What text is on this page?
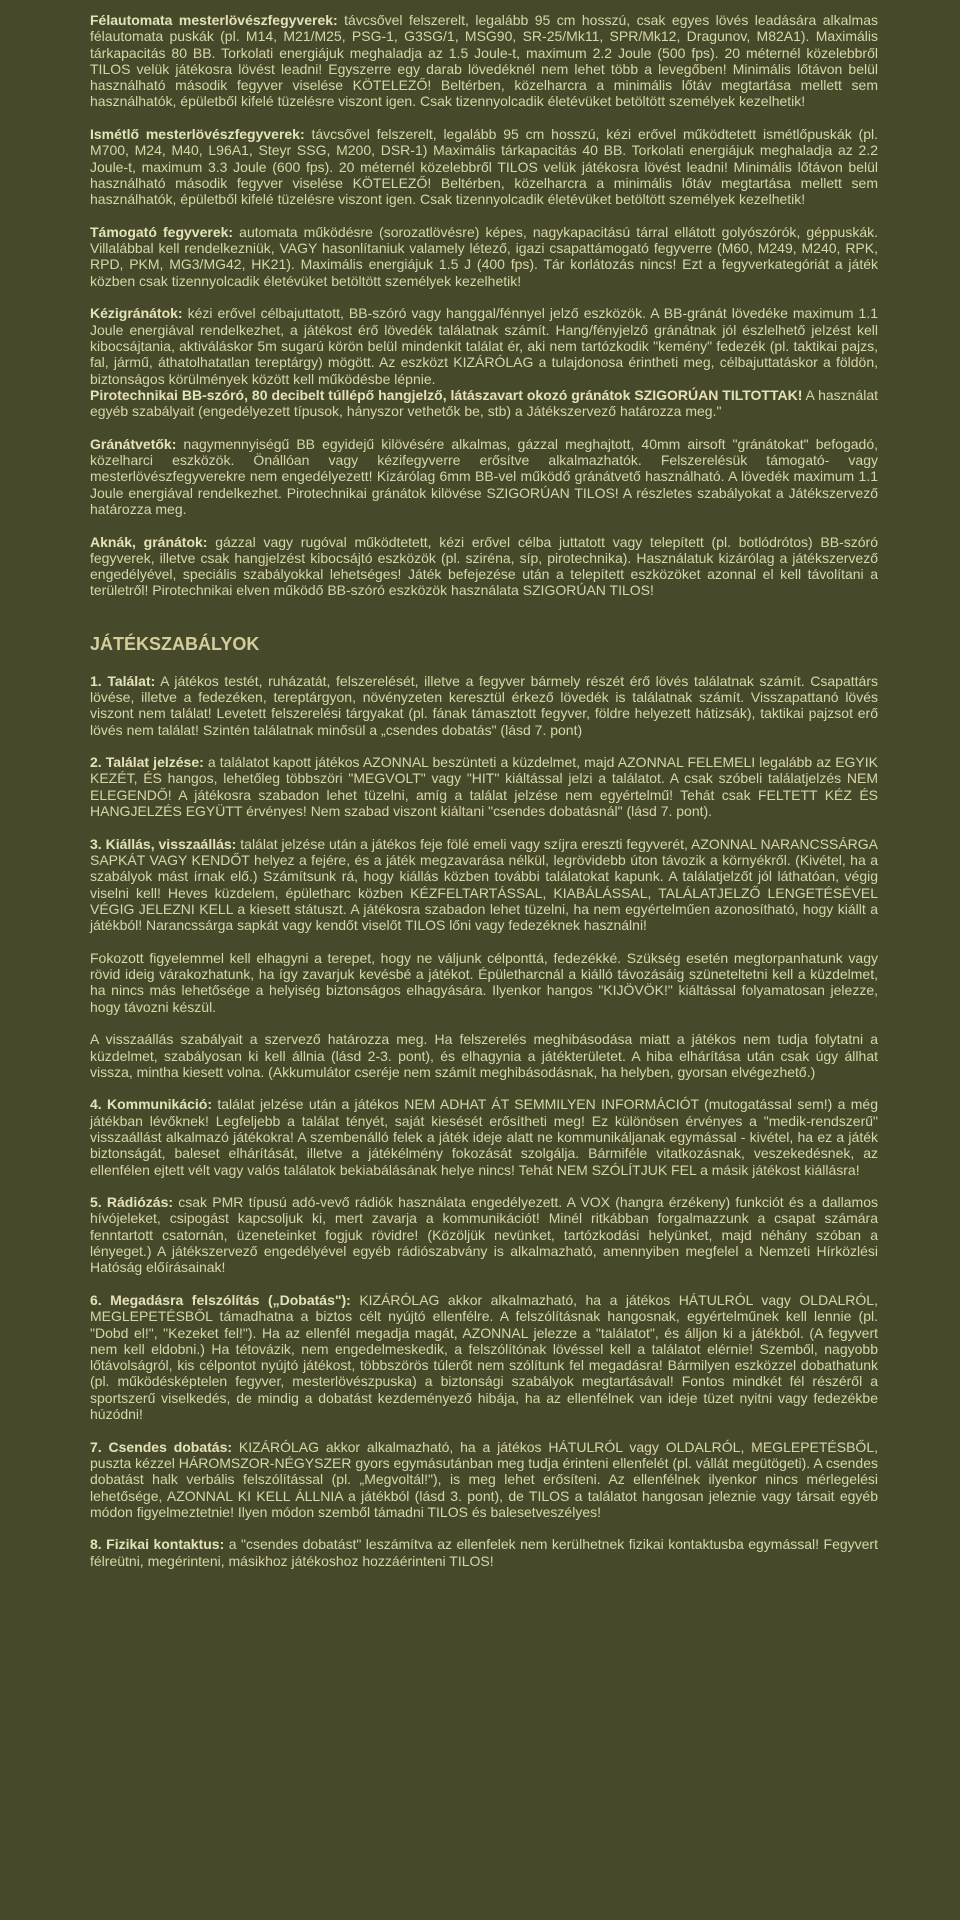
Félautomata mesterlövészfegyverek: távcsővel felszerelt, legalább 95 cm hosszú, csak egyes lövés leadására alkalmas félautomata puskák (pl. M14, M21/M25, PSG-1, G3SG/1, MSG90, SR-25/Mk11, SPR/Mk12, Dragunov, M82A1). Maximális tárkapacitás 80 BB. Torkolati energiájuk meghaladja az 1.5 Joule-t, maximum 2.2 Joule (500 fps). 20 méternél közelebbről TILOS velük játékosra lövést leadni! Egyszerre egy darab lövedéknél nem lehet több a levegőben! Minimális lőtávon belül használható második fegyver viselése KÖTELEZŐ! Beltérben, közelharcra a minimális lőtáv megtartása mellett sem használhatók, épületből kifelé tüzelésre viszont igen. Csak tizennyolcadik életévüket betöltött személyek kezelhetik!

Ismétlő mesterlövészfegyverek: távcsővel felszerelt, legalább 95 cm hosszú, kézi erővel működtetett ismétlőpuskák (pl. M700, M24, M40, L96A1, Steyr SSG, M200, DSR-1) Maximális tárkapacitás 40 BB. Torkolati energiájuk meghaladja az 2.2 Joule-t, maximum 3.3 Joule (600 fps). 20 méternél közelebbről TILOS velük játékosra lövést leadni! Minimális lőtávon belül használható második fegyver viselése KÖTELEZŐ! Beltérben, közelharcra a minimális lőtáv megtartása mellett sem használhatók, épületből kifelé tüzelésre viszont igen. Csak tizennyolcadik életévüket betöltött személyek kezelhetik!

Támogató fegyverek: automata működésre (sorozatlövésre) képes, nagykapacitású tárral ellátott golyószórók, géppuskák. Villalábbal kell rendelkezniük, VAGY hasonlítaniuk valamely létező, igazi csapattámogató fegyverre (M60, M249, M240, RPK, RPD, PKM, MG3/MG42, HK21). Maximális energiájuk 1.5 J (400 fps). Tár korlátozás nincs! Ezt a fegyverkategóriát a játék közben csak tizennyolcadik életévüket betöltött személyek kezelhetik!

Kézigránátok: kézi erővel célbajuttatott, BB-szóró vagy hanggal/fénnyel jelző eszközök. A BB-gránát lövedéke maximum 1.1 Joule energiával rendelkezhet, a játékost érő lövedék találatnak számít. Hang/fényjelző gránátnak jól észlelhető jelzést kell kibocsájtania, aktiváláskor 5m sugarú körön belül mindenkit találat ér, aki nem tartózkodik "kemény" fedezék (pl. taktikai pajzs, fal, jármű, áthatolhatatlan tereptárgy) mögött. Az eszközt KIZÁRÓLAG a tulajdonosa érintheti meg, célbajuttatáskor a földön, biztonságos körülmények között kell működésbe lépnie.

Pirotechnikai BB-szóró, 80 decibelt túllépő hangjelző, látászavart okozó gránátok SZIGORÚAN TILTOTTAK! A használat egyéb szabályait (engedélyezett típusok, hányszor vethetők be, stb) a Játékszervező határozza meg."

Gránátvetők: nagymennyiségű BB egyidejű kilövésére alkalmas, gázzal meghajtott, 40mm airsoft "gránátokat" befogadó, közelharci eszközök. Önállóan vagy kézifegyverre erősítve alkalmazhatók. Felszerelésük támogató- vagy mesterlövészfegyverekre nem engedélyezett! Kizárólag 6mm BB-vel működő gránátvető használható. A lövedék maximum 1.1 Joule energiával rendelkezhet. Pirotechnikai gránátok kilövése SZIGORÚAN TILOS! A részletes szabályokat a Játékszervező határozza meg.

Aknák, gránátok: gázzal vagy rugóval működtetett, kézi erővel célba juttatott vagy telepített (pl. botlódrótos) BB-szóró fegyverek, illetve csak hangjelzést kibocsájtó eszközök (pl. sziréna, síp, pirotechnika). Használatuk kizárólag a játékszervező engedélyével, speciális szabályokkal lehetséges! Játék befejezése után a telepített eszközöket azonnal el kell távolítani a területről! Pirotechnikai elven működő BB-szóró eszközök használata SZIGORÚAN TILOS!

JÁTÉKSZABÁLYOK

1. Találat: A játékos testét, ruházatát, felszerelését, illetve a fegyver bármely részét érő lövés találatnak számít. Csapattárs lövése, illetve a fedezéken, tereptárgyon, növényzeten keresztül érkező lövedék is találatnak számít. Visszapattanó lövés viszont nem találat! Levetett felszerelési tárgyakat (pl. fának támasztott fegyver, földre helyezett hátizsák), taktikai pajzsot erő lövés nem találat! Szintén találatnak minősül a „csendes dobatás" (lásd 7. pont)

2. Találat jelzése: a találatot kapott játékos AZONNAL beszünteti a küzdelmet, majd AZONNAL FELEMELI legalább az EGYIK KEZÉT, ÉS hangos, lehetőleg többszöri "MEGVOLT" vagy "HIT" kiáltással jelzi a találatot. A csak szóbeli találatjelzés NEM ELEGENDŐ! A játékosra szabadon lehet tüzelni, amíg a találat jelzése nem egyértelmű! Tehát csak FELTETT KÉZ ÉS HANGJELZÉS EGYÜTT érvényes! Nem szabad viszont kiáltani "csendes dobatásnál" (lásd 7. pont).

3. Kiállás, visszaállás: találat jelzése után a játékos feje fölé emeli vagy szíjra ereszti fegyverét, AZONNAL NARANCSSÁRGA SAPKÁT VAGY KENDŐT helyez a fejére, és a játék megzavarása nélkül, legrövidebb úton távozik a környékről. (Kivétel, ha a szabályok mást írnak elő.) Számítsunk rá, hogy kiállás közben további találatokat kapunk. A találatjelzőt jól láthatóan, végig viselni kell! Heves küzdelem, épületharc közben KÉZFELTARTÁSSAL, KIABÁLÁSSAL, TALÁLATJELZŐ LENGETÉSÉVEL VÉGIG JELEZNI KELL a kiesett státuszt. A játékosra szabadon lehet tüzelni, ha nem egyértelműen azonosítható, hogy kiállt a játékból! Narancssárga sapkát vagy kendőt viselőt TILOS lőni vagy fedezéknek használni!

Fokozott figyelemmel kell elhagyni a terepet, hogy ne váljunk célponttá, fedezékké. Szükség esetén megtorpanhatunk vagy rövid ideig várakozhatunk, ha így zavarjuk kevésbé a játékot. Épületharcnál a kiálló távozásáig szüneteltetni kell a küzdelmet, ha nincs más lehetősége a helyiség biztonságos elhagyására. Ilyenkor hangos "KIJÖVÖK!" kiáltással folyamatosan jelezze, hogy távozni készül.

A visszaállás szabályait a szervező határozza meg. Ha felszerelés meghibásodása miatt a játékos nem tudja folytatni a küzdelmet, szabályosan ki kell állnia (lásd 2-3. pont), és elhagynia a játékterületet. A hiba elhárítása után csak úgy állhat vissza, mintha kiesett volna. (Akkumulátor cseréje nem számít meghibásodásnak, ha helyben, gyorsan elvégezhető.)

4. Kommunikáció: találat jelzése után a játékos NEM ADHAT ÁT SEMMILYEN INFORMÁCIÓT (mutogatással sem!) a még játékban lévőknek! Legfeljebb a találat tényét, saját kiesését erősítheti meg! Ez különösen érvényes a "medik-rendszerű" visszaállást alkalmazó játékokra! A szembenálló felek a játék ideje alatt ne kommunikáljanak egymással - kivétel, ha ez a játék biztonságát, baleset elhárítását, illetve a játékélmény fokozását szolgálja. Bármiféle vitatkozásnak, veszekedésnek, az ellenfélen ejtett vélt vagy valós találatok bekiabálásának helye nincs! Tehát NEM SZÓLÍTJUK FEL a másik játékost kiállásra!

5. Rádiózás: csak PMR típusú adó-vevő rádiók használata engedélyezett. A VOX (hangra érzékeny) funkciót és a dallamos hívójeleket, csipogást kapcsoljuk ki, mert zavarja a kommunikációt! Minél ritkábban forgalmazzunk a csapat számára fenntartott csatornán, üzeneteinket fogjuk rövidre! (Közöljük nevünket, tartózkodási helyünket, majd néhány szóban a lényeget.) A játékszervező engedélyével egyéb rádiószabvány is alkalmazható, amennyiben megfelel a Nemzeti Hírközlési Hatóság előírásainak!

6. Megadásra felszólítás („Dobatás"): KIZÁRÓLAG akkor alkalmazható, ha a játékos HÁTULRÓL vagy OLDALRÓL, MEGLEPETÉSBŐL támadhatna a biztos célt nyújtó ellenfélre. A felszólításnak hangosnak, egyértelműnek kell lennie (pl. "Dobd el!", "Kezeket fel!"). Ha az ellenfél megadja magát, AZONNAL jelezze a "találatot", és álljon ki a játékból. (A fegyvert nem kell eldobni.) Ha tétovázik, nem engedelmeskedik, a felszólítónak lövéssel kell a találatot elérnie! Szemből, nagyobb lőtávolságról, kis célpontot nyújtó játékost, többszörös túlerőt nem szólítunk fel megadásra! Bármilyen eszközzel dobathatunk (pl. működésképtelen fegyver, mesterlövészpuska) a biztonsági szabályok megtartásával! Fontos mindkét fél részéről a sportszerű viselkedés, de mindig a dobatást kezdeményező hibája, ha az ellenfélnek van ideje tüzet nyitni vagy fedezékbe húzódni!

7. Csendes dobatás: KIZÁRÓLAG akkor alkalmazható, ha a játékos HÁTULRÓL vagy OLDALRÓL, MEGLEPETÉSBŐL, puszta kézzel HÁROMSZOR-NÉGYSZER gyors egymásutánban meg tudja érinteni ellenfelét (pl. vállát megütögeti). A csendes dobatást halk verbális felszólítással (pl. „Megvoltál!"), is meg lehet erősíteni. Az ellenfélnek ilyenkor nincs mérlegelési lehetősége, AZONNAL KI KELL ÁLLNIA a játékból (lásd 3. pont), de TILOS a találatot hangosan jeleznie vagy társait egyéb módon figyelmeztetnie! Ilyen módon szemből támadni TILOS és balesetveszélyes!

8. Fizikai kontaktus: a "csendes dobatást" leszámítva az ellenfelek nem kerülhetnek fizikai kontaktusba egymással! Fegyvert félreütni, megérinteni, másikhoz játékoshoz hozzáérinteni TILOS!
